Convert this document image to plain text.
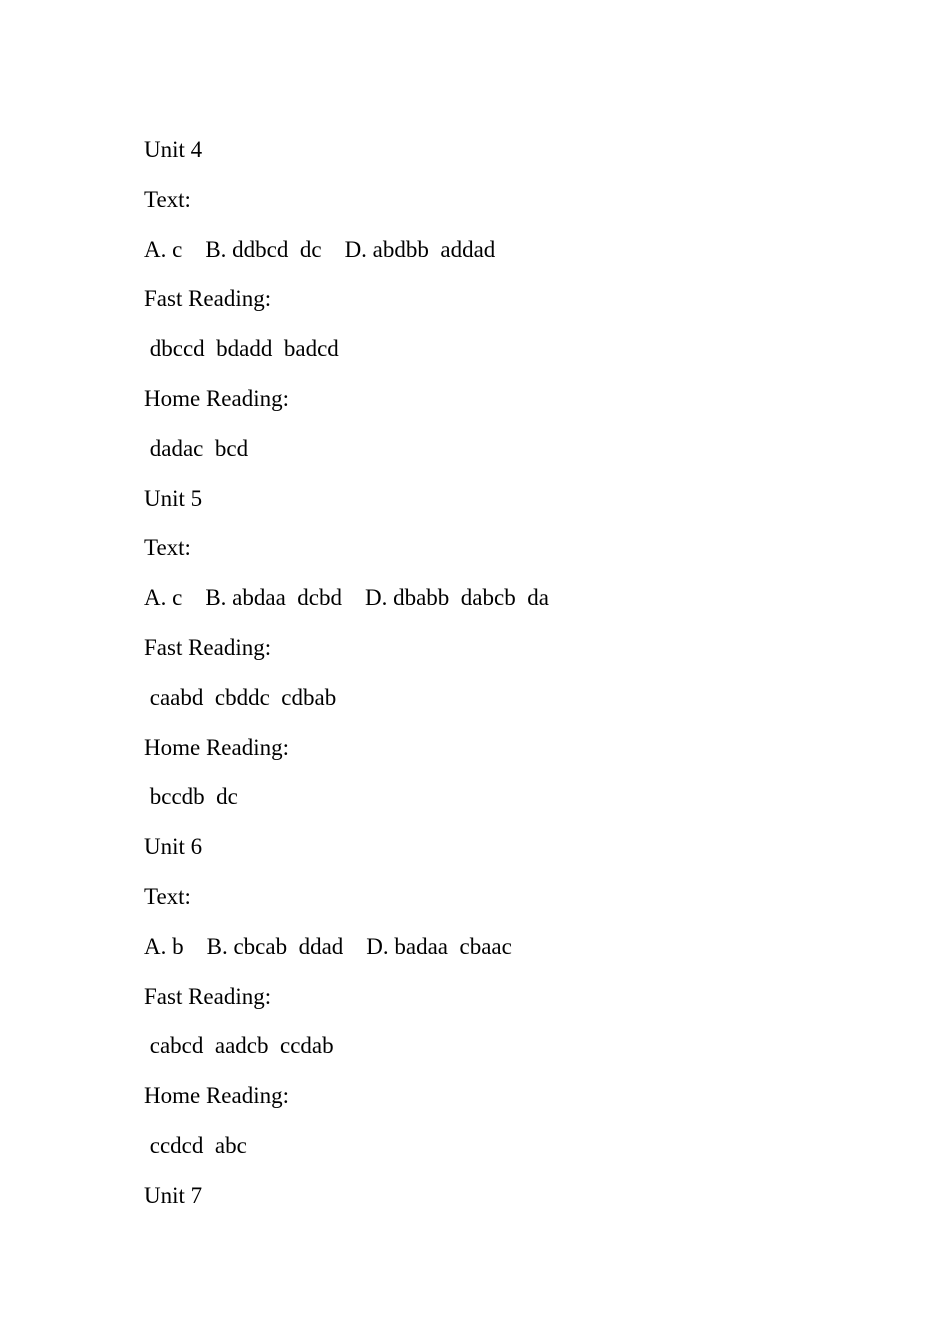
Unit 4

Text:

A. c    B. ddbcd  dc    D. abdbb  addad

Fast Reading:

dbccd  bdadd  badcd

Home Reading:

dadac  bcd

Unit 5

Text:

A. c    B. abdaa  dcbd    D. dbabb  dabcb  da

Fast Reading:

caabd  cbddc  cdbab

Home Reading:

bccdb  dc

Unit 6

Text:

A. b    B. cbcab  ddad    D. badaa  cbaac

Fast Reading:

cabcd  aadcb  ccdab

Home Reading:

ccdcd  abc

Unit 7
